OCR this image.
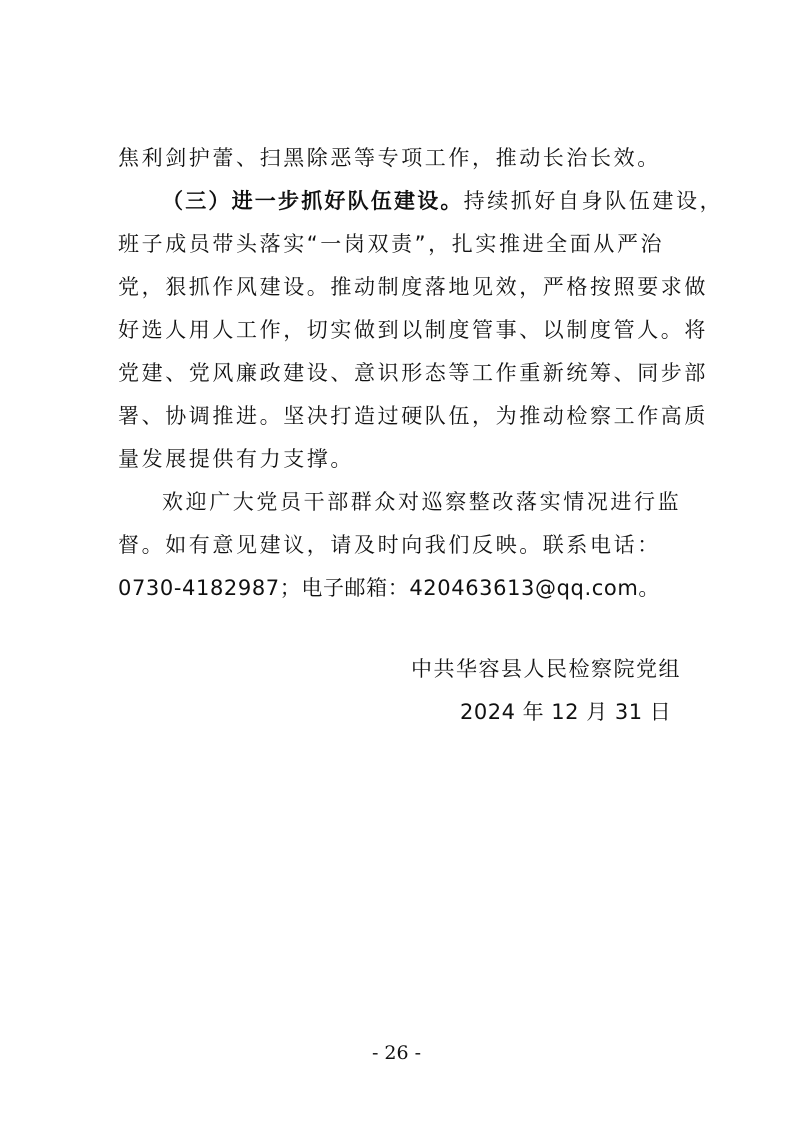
焦利剑护蕾、扫黑除恶等专项工作，推动长治长效。
（三）进一步抓好队伍建设。持续抓好自身队伍建设，
班子成员带头落实“一岗双责”，扎实推进全面从严治
党，狠抓作风建设。推动制度落地见效，严格按照要求做
好选人用人工作，切实做到以制度管事、以制度管人。将
党建、党风廉政建设、意识形态等工作重新统筹、同步部
署、协调推进。坚决打造过硬队伍，为推动检察工作高质
量发展提供有力支撑。
欢迎广大党员干部群众对巡察整改落实情况进行监
督。如有意见建议，请及时向我们反映。联系电话：
0730-4182987；电子邮箱：420463613@qq.com。
中共华容县人民检察院党组
2024 年 12 月 31 日
- 26 -
